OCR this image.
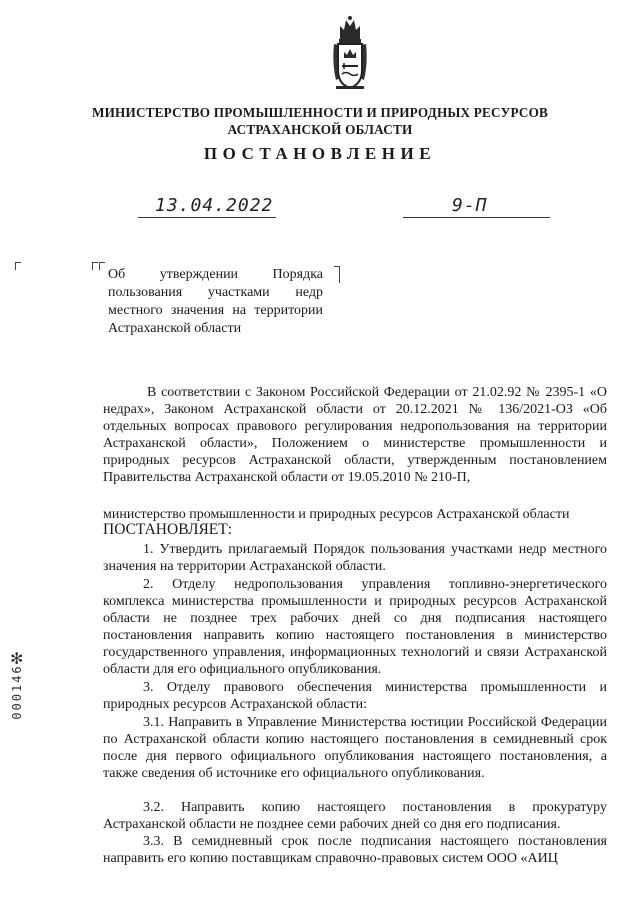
МИНИСТЕРСТВО ПРОМЫШЛЕННОСТИ И ПРИРОДНЫХ РЕСУРСОВ
АСТРАХАНСКОЙ ОБЛАСТИ
ПОСТАНОВЛЕНИЕ
13.04.2022	9-П
Об утверждении Порядка пользования участками недр местного значения на территории Астраханской области
В соответствии с Законом Российской Федерации от 21.02.92 № 2395-1 «О недрах», Законом Астраханской области от 20.12.2021 № 136/2021-ОЗ «Об отдельных вопросах правового регулирования недропользования на территории Астраханской области», Положением о министерстве промышленности и природных ресурсов Астраханской области, утвержденным постановлением Правительства Астраханской области от 19.05.2010 № 210-П,
министерство промышленности и природных ресурсов Астраханской области
ПОСТАНОВЛЯЕТ:
1. Утвердить прилагаемый Порядок пользования участками недр местного значения на территории Астраханской области.
2. Отделу недропользования управления топливно-энергетического комплекса министерства промышленности и природных ресурсов Астраханской области не позднее трех рабочих дней со дня подписания настоящего постановления направить копию настоящего постановления в министерство государственного управления, информационных технологий и связи Астраханской области для его официального опубликования.
3. Отделу правового обеспечения министерства промышленности и природных ресурсов Астраханской области:
3.1. Направить в Управление Министерства юстиции Российской Федерации по Астраханской области копию настоящего постановления в семидневный срок после дня первого официального опубликования настоящего постановления, а также сведения об источнике его официального опубликования.
3.2. Направить копию настоящего постановления в прокуратуру Астраханской области не позднее семи рабочих дней со дня его подписания.
3.3. В семидневный срок после подписания настоящего постановления направить его копию поставщикам справочно-правовых систем ООО «АИЦ
✻
000146
